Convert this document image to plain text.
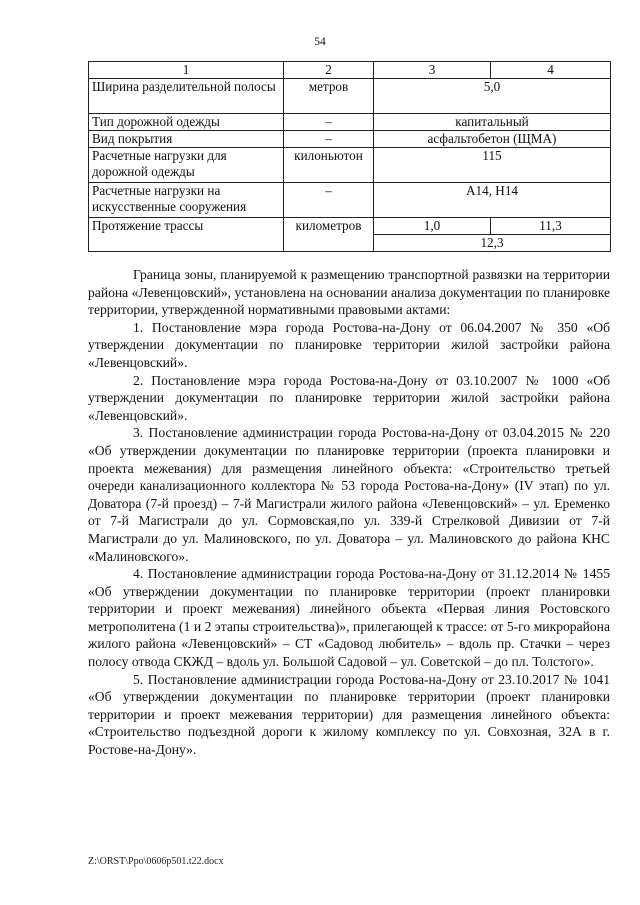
54
1	2	3	4
Ширина разделительной полосы	метров	5,0	
Тип дорожной одежды	–	капитальный	
Вид покрытия	–	асфальтобетон (ЩМА)	
Расчетные нагрузки для дорожной одежды	килоньютон	115	
Расчетные нагрузки на искусственные сооружения	–	А14, Н14	
Протяжение трассы	километров	1,0	11,3
		12,3	

Граница зоны, планируемой к размещению транспортной развязки на территории района «Левенцовский», установлена на основании анализа документации по планировке территории, утвержденной нормативными правовыми актами:

1. Постановление мэра города Ростова-на-Дону от 06.04.2007 № 350 «Об утверждении документации по планировке территории жилой застройки района «Левенцовский».

2. Постановление мэра города Ростова-на-Дону от 03.10.2007 № 1000 «Об утверждении документации по планировке территории жилой застройки района «Левенцовский».

3. Постановление администрации города Ростова-на-Дону от 03.04.2015 № 220 «Об утверждении документации по планировке территории (проекта планировки и проекта межевания) для размещения линейного объекта: «Строительство третьей очереди канализационного коллектора № 53 города Ростова-на-Дону» (IV этап) по ул. Доватора (7-й проезд) – 7-й Магистрали жилого района «Левенцовский» – ул. Еременко от 7-й Магистрали до ул. Сормовская,по ул. 339-й Стрелковой Дивизии от 7-й Магистрали до ул. Малиновского, по ул. Доватора – ул. Малиновского до района КНС «Малиновского».

4. Постановление администрации города Ростова-на-Дону от 31.12.2014 № 1455 «Об утверждении документации по планировке территории (проект планировки территории и проект межевания) линейного объекта «Первая линия Ростовского метрополитена (1 и 2 этапы строительства)», прилегающей к трассе: от 5-го микрорайона жилого района «Левенцовский» – СТ «Садовод любитель» – вдоль пр. Стачки – через полосу отвода СКЖД – вдоль ул. Большой Садовой – ул. Советской – до пл. Толстого».

5. Постановление администрации города Ростова-на-Дону от 23.10.2017 № 1041 «Об утверждении документации по планировке территории (проект планировки территории и проект межевания территории) для размещения линейного объекта: «Строительство подъездной дороги к жилому комплексу по ул. Совхозная, 32А в г. Ростове-на-Дону».

Z:\ORST\Ppo\0606p501.t22.docx
